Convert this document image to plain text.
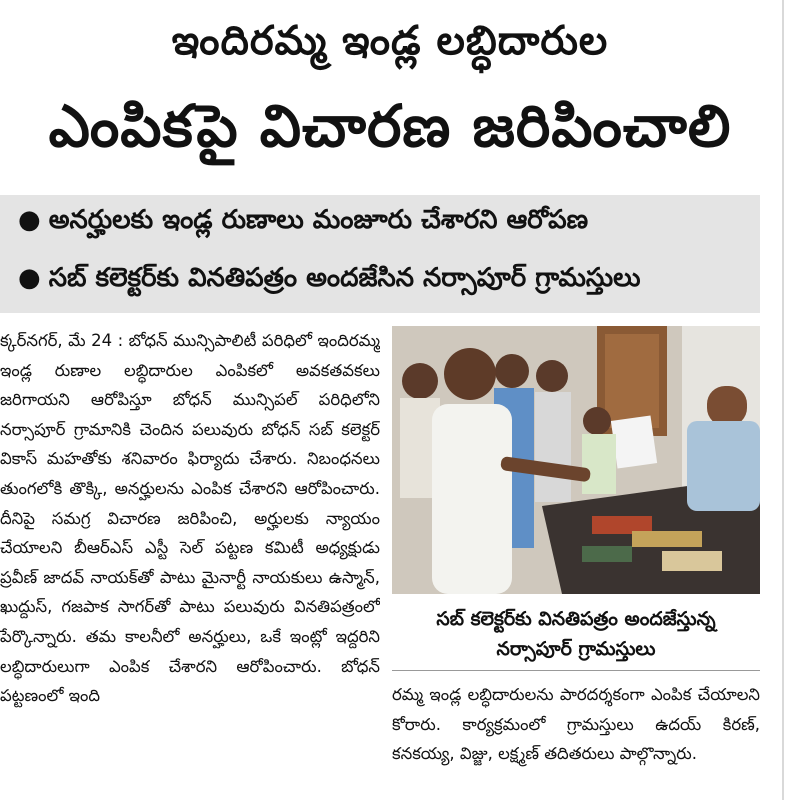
ఇందిరమ్మ ఇండ్ల లబ్ధిదారుల
ఎంపికపై విచారణ జరిపించాలి
● అనర్హులకు ఇండ్ల రుణాలు మంజూరు చేశారని ఆరోపణ
● సబ్ కలెక్టర్‌కు వినతిపత్రం అందజేసిన నర్సాపూర్ గ్రామస్తులు

క్కర్‌నగర్, మే 24 : బోధన్ మున్సిపాలిటీ పరిధిలో ఇందిరమ్మ ఇండ్ల రుణాల లబ్ధిదారుల ఎంపికలో అవకతవకలు జరిగాయని ఆరోపిస్తూ బోధన్ మున్సిపల్ పరిధిలోని నర్సాపూర్ గ్రామానికి చెందిన పలువురు బోధన్ సబ్ కలెక్టర్ వికాస్ మహతోకు శనివారం ఫిర్యాదు చేశారు. నిబంధనలు తుంగలోకి తొక్కి, అనర్హులను ఎంపిక చేశారని ఆరోపించారు. దీనిపై సమగ్ర విచారణ జరిపించి, అర్హులకు న్యాయం చేయాలని బీఆర్‌ఎస్ ఎస్టీ సెల్ పట్టణ కమిటీ అధ్యక్షుడు ప్రవీణ్ జాదవ్ నాయక్‌తో పాటు మైనార్టీ నాయకులు ఉస్మాన్, ఖుద్దుస్, గజపాక సాగర్‌తో పాటు పలువురు వినతిపత్రంలో పేర్కొన్నారు. తమ కాలనీలో అనర్హులు, ఒకే ఇంట్లో ఇద్దరిని లబ్ధిదారులుగా ఎంపిక చేశారని ఆరోపించారు. బోధన్ పట్టణంలో ఇంది

సబ్ కలెక్టర్‌కు వినతిపత్రం అందజేస్తున్న
నర్సాపూర్ గ్రామస్తులు

రమ్మ ఇండ్ల లబ్ధిదారులను పారదర్శకంగా ఎంపిక చేయాలని కోరారు. కార్యక్రమంలో గ్రామస్తులు ఉదయ్ కిరణ్, కనకయ్య, విజ్జు, లక్ష్మణ్ తదితరులు పాల్గొన్నారు.
